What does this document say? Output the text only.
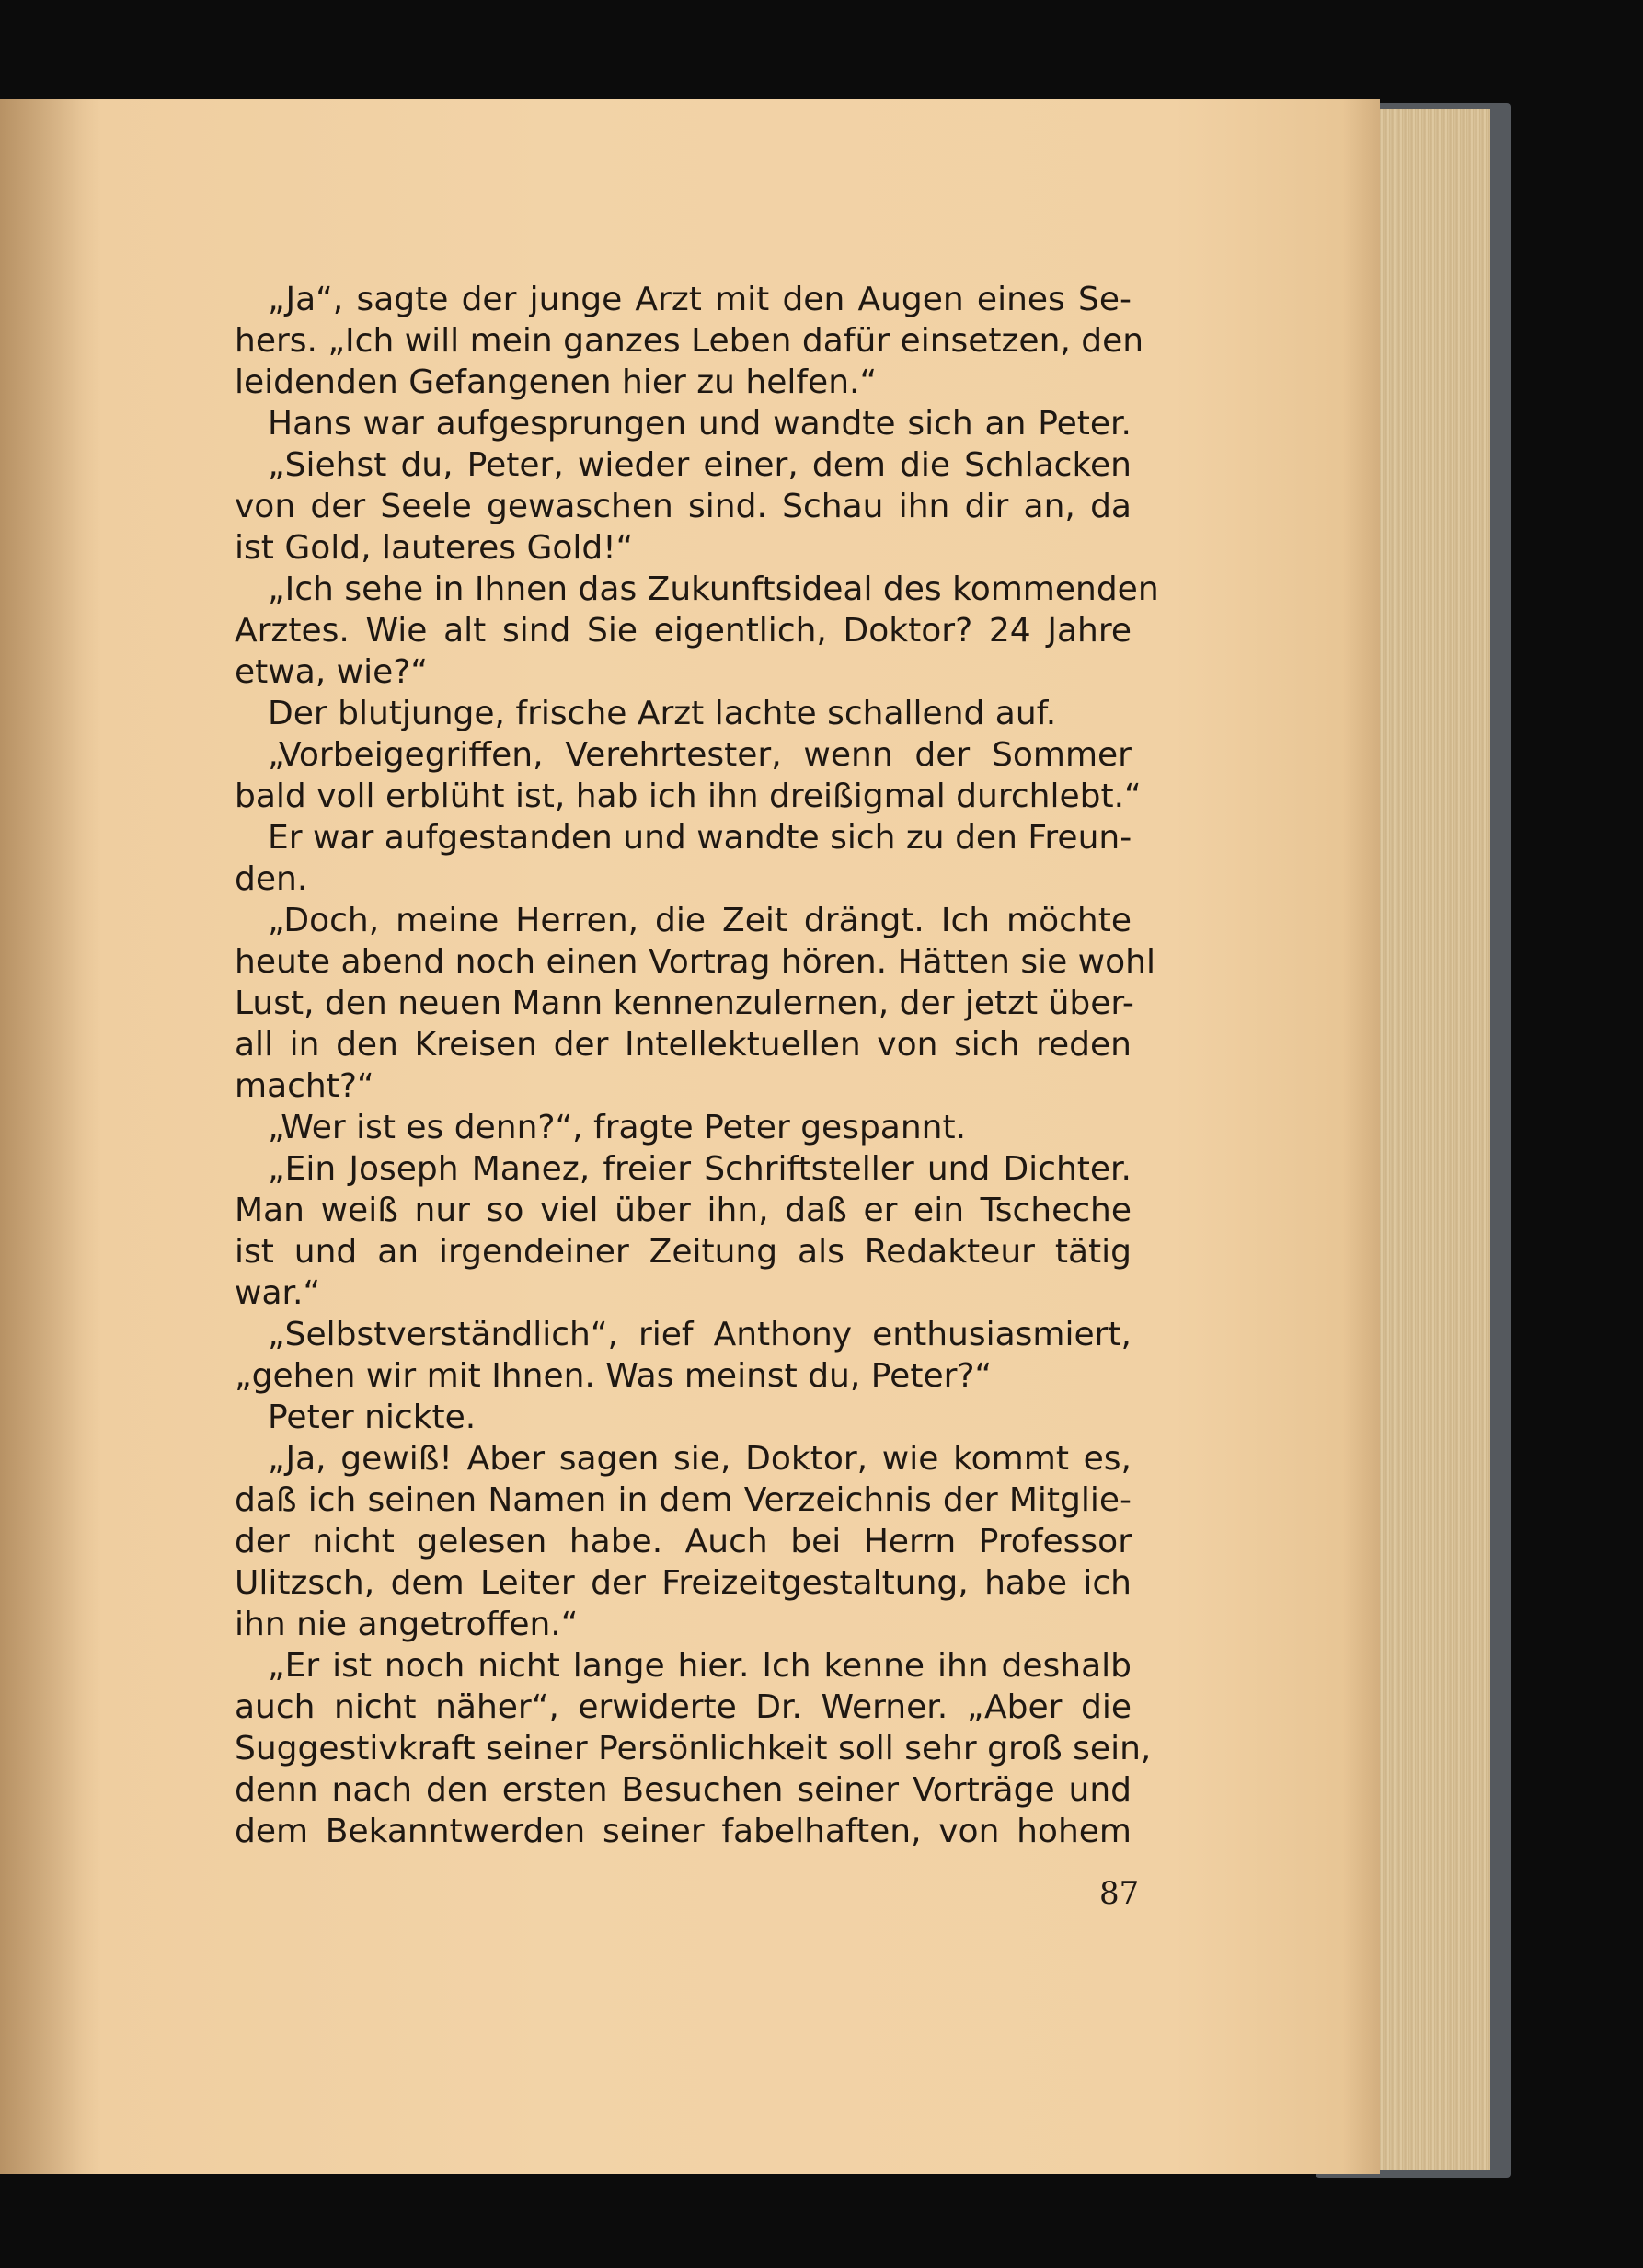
„Ja“, sagte der junge Arzt mit den Augen eines Se-
hers. „Ich will mein ganzes Leben dafür einsetzen, den
leidenden Gefangenen hier zu helfen.“
Hans war aufgesprungen und wandte sich an Peter.
„Siehst du, Peter, wieder einer, dem die Schlacken
von der Seele gewaschen sind. Schau ihn dir an, da
ist Gold, lauteres Gold!“
„Ich sehe in Ihnen das Zukunftsideal des kommenden
Arztes. Wie alt sind Sie eigentlich, Doktor? 24 Jahre
etwa, wie?“
Der blutjunge, frische Arzt lachte schallend auf.
„Vorbeigegriffen, Verehrtester, wenn der Sommer
bald voll erblüht ist, hab ich ihn dreißigmal durchlebt.“
Er war aufgestanden und wandte sich zu den Freun-
den.
„Doch, meine Herren, die Zeit drängt. Ich möchte
heute abend noch einen Vortrag hören. Hätten sie wohl
Lust, den neuen Mann kennenzulernen, der jetzt über-
all in den Kreisen der Intellektuellen von sich reden
macht?“
„Wer ist es denn?“, fragte Peter gespannt.
„Ein Joseph Manez, freier Schriftsteller und Dichter.
Man weiß nur so viel über ihn, daß er ein Tscheche
ist und an irgendeiner Zeitung als Redakteur tätig
war.“
„Selbstverständlich“, rief Anthony enthusiasmiert,
„gehen wir mit Ihnen. Was meinst du, Peter?“
Peter nickte.
„Ja, gewiß! Aber sagen sie, Doktor, wie kommt es,
daß ich seinen Namen in dem Verzeichnis der Mitglie-
der nicht gelesen habe. Auch bei Herrn Professor
Ulitzsch, dem Leiter der Freizeitgestaltung, habe ich
ihn nie angetroffen.“
„Er ist noch nicht lange hier. Ich kenne ihn deshalb
auch nicht näher“, erwiderte Dr. Werner. „Aber die
Suggestivkraft seiner Persönlichkeit soll sehr groß sein,
denn nach den ersten Besuchen seiner Vorträge und
dem Bekanntwerden seiner fabelhaften, von hohem
87
